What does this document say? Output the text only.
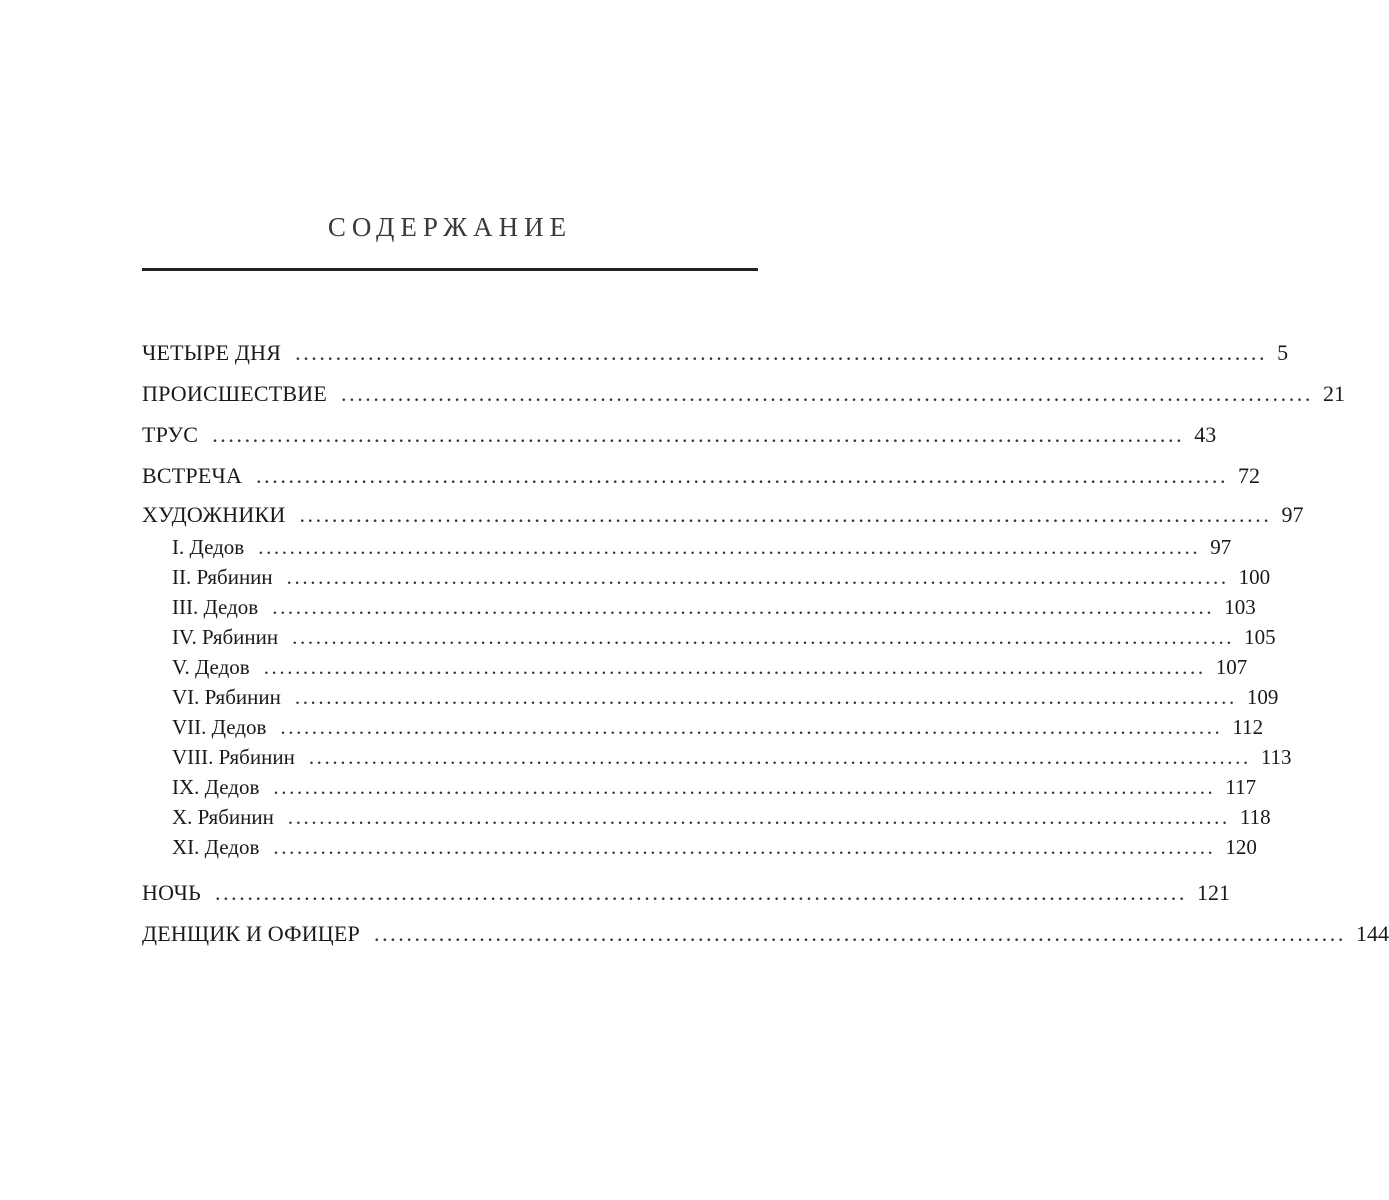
СОДЕРЖАНИЕ
ЧЕТЫРЕ ДНЯ ........................................................................................................................ 5
ПРОИСШЕСТВИЕ ........................................................................................................................ 21
ТРУС ........................................................................................................................ 43
ВСТРЕЧА ........................................................................................................................ 72
ХУДОЖНИКИ ........................................................................................................................ 97
I. Дедов ........................................................................................................................ 97
II. Рябинин ........................................................................................................................ 100
III. Дедов ........................................................................................................................ 103
IV. Рябинин ........................................................................................................................ 105
V. Дедов ........................................................................................................................ 107
VI. Рябинин ........................................................................................................................ 109
VII. Дедов ........................................................................................................................ 112
VIII. Рябинин ........................................................................................................................ 113
IX. Дедов ........................................................................................................................ 117
X. Рябинин ........................................................................................................................ 118
XI. Дедов ........................................................................................................................ 120
НОЧЬ ........................................................................................................................ 121
ДЕНЩИК И ОФИЦЕР ........................................................................................................................ 144
